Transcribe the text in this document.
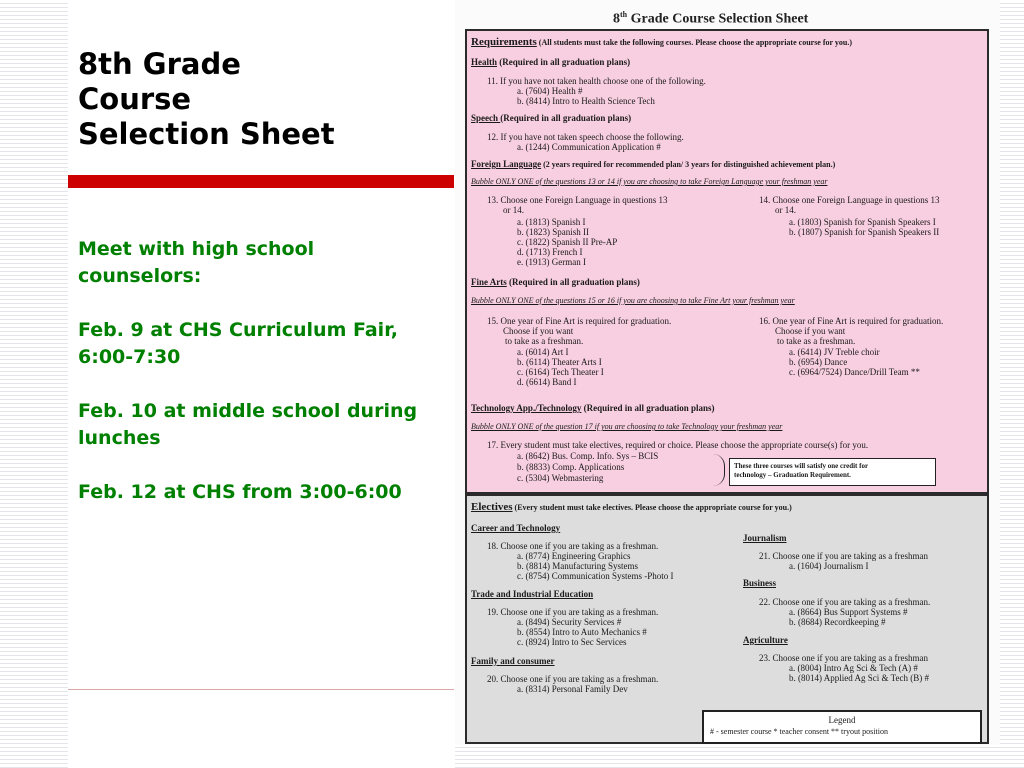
8th Grade
Course
Selection Sheet

Meet with high school counselors:

Feb. 9 at CHS Curriculum Fair, 6:00-7:30

Feb. 10 at middle school during lunches

Feb. 12 at CHS from 3:00-6:00

8th Grade Course Selection Sheet
Requirements (All students must take the following courses. Please choose the appropriate course for you.)
Health (Required in all graduation plans)
11. If you have not taken health choose one of the following.
a. (7604) Health #
b. (8414) Intro to Health Science Tech
Speech (Required in all graduation plans)
12. If you have not taken speech choose the following.
a. (1244) Communication Application #
Foreign Language (2 years required for recommended plan/ 3 years for distinguished achievement plan.)
Bubble ONLY ONE of the questions 13 or 14 if you are choosing to take Foreign Language your freshman year
13. Choose one Foreign Language in questions 13
or 14.
a. (1813) Spanish I
b. (1823) Spanish II
c. (1822) Spanish II Pre-AP
d. (1713) French I
e. (1913) German I
14. Choose one Foreign Language in questions 13
or 14.
a. (1803) Spanish for Spanish Speakers I
b. (1807) Spanish for Spanish Speakers II
Fine Arts (Required in all graduation plans)
Bubble ONLY ONE of the questions 15 or 16 if you are choosing to take Fine Art your freshman year
15. One year of Fine Art is required for graduation.
Choose if you want
to take as a freshman.
a. (6014) Art I
b. (6114) Theater Arts I
c. (6164) Tech Theater I
d. (6614) Band I
16. One year of Fine Art is required for graduation.
Choose if you want
to take as a freshman.
a. (6414) JV Treble choir
b. (6954) Dance
c. (6964/7524) Dance/Drill Team **
Technology App./Technology (Required in all graduation plans)
Bubble ONLY ONE of the question 17 if you are choosing to take Technology your freshman year
17. Every student must take electives, required or choice. Please choose the appropriate course(s) for you.
a. (8642) Bus. Comp. Info. Sys – BCIS
b. (8833) Comp. Applications
c. (5304) Webmastering
These three courses will satisfy one credit for
technology – Graduation Requirement.
Electives (Every student must take electives. Please choose the appropriate course for you.)
Career and Technology
18. Choose one if you are taking as a freshman.
a. (8774) Engineering Graphics
b. (8814) Manufacturing Systems
c. (8754) Communication Systems -Photo I
Trade and Industrial Education
19. Choose one if you are taking as a freshman.
a. (8494) Security Services #
b. (8554) Intro to Auto Mechanics #
c. (8924) Intro to Sec Services
Family and consumer
20. Choose one if you are taking as a freshman.
a. (8314) Personal Family Dev
Journalism
21. Choose one if you are taking as a freshman
a. (1604) Journalism I
Business
22. Choose one if you are taking as a freshman.
a. (8664) Bus Support Systems #
b. (8684) Recordkeeping #
Agriculture
23. Choose one if you are taking as a freshman
a. (8004) Intro Ag Sci & Tech (A) #
b. (8014) Applied Ag Sci & Tech (B) #
Legend
# - semester course * teacher consent ** tryout position
